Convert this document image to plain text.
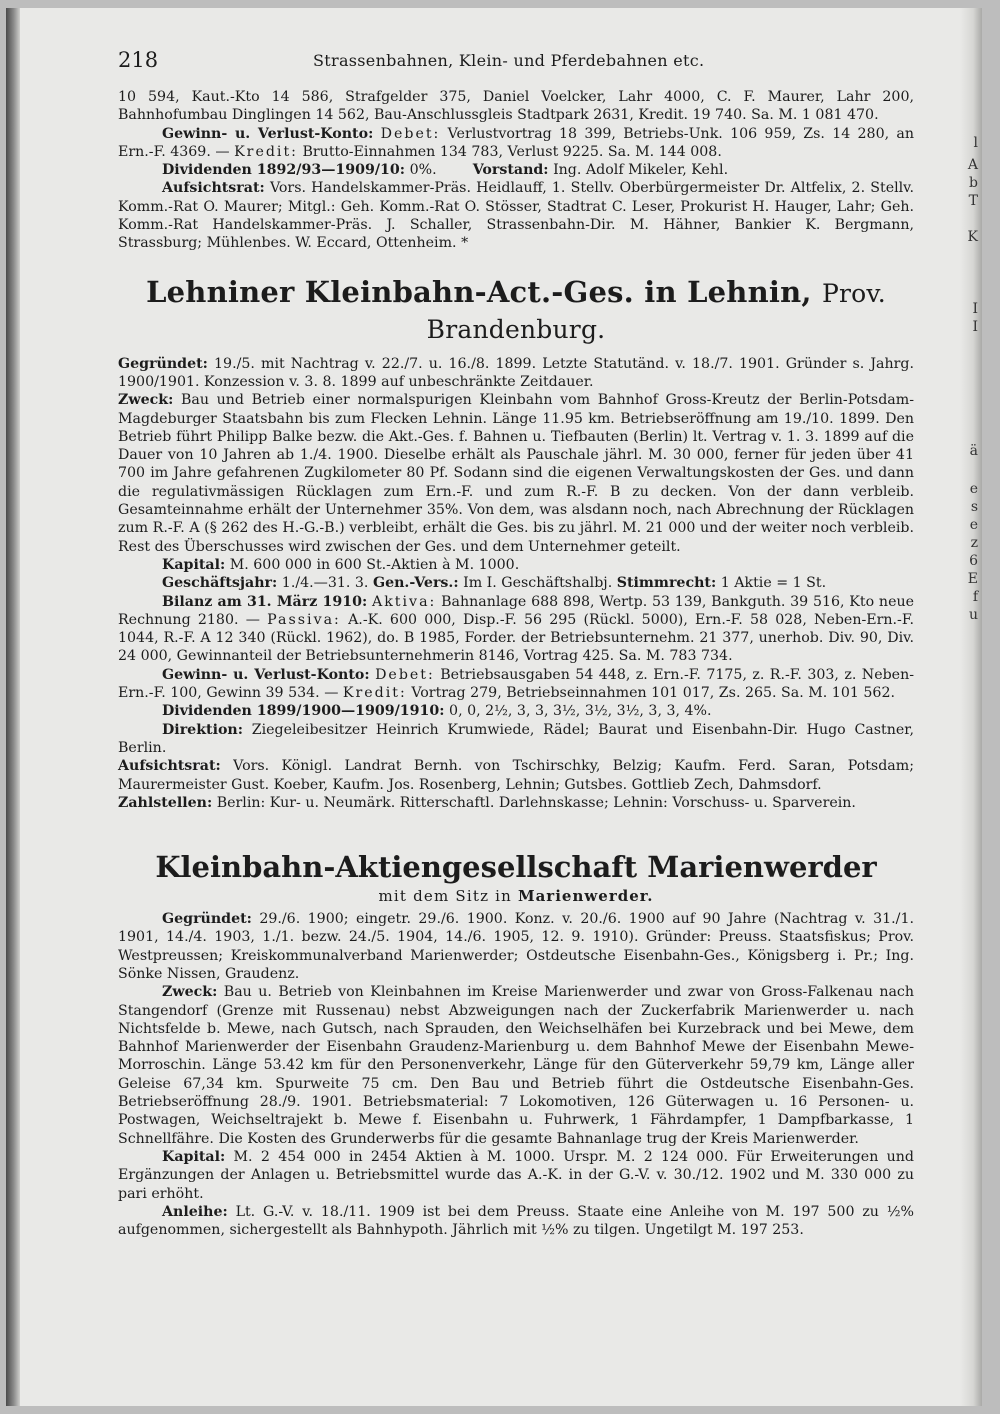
l
A
b
T
K
I
I
ä
e
s
e
z
6
E
f
u
218	Strassenbahnen, Klein- und Pferdebahnen etc.

10 594, Kaut.-Kto 14 586, Strafgelder 375, Daniel Voelcker, Lahr 4000, C. F. Maurer, Lahr 200, Bahnhofumbau Dinglingen 14 562, Bau-Anschlussgleis Stadtpark 2631, Kredit. 19 740. Sa. M. 1 081 470.

Gewinn- u. Verlust-Konto: Debet: Verlustvortrag 18 399, Betriebs-Unk. 106 959, Zs. 14 280, an Ern.-F. 4369. — Kredit: Brutto-Einnahmen 134 783, Verlust 9225. Sa. M. 144 008.

Dividenden 1892/93—1909/10: 0%.	Vorstand: Ing. Adolf Mikeler, Kehl.

Aufsichtsrat: Vors. Handelskammer-Präs. Heidlauff, 1. Stellv. Oberbürgermeister Dr. Altfelix, 2. Stellv. Komm.-Rat O. Maurer; Mitgl.: Geh. Komm.-Rat O. Stösser, Stadtrat C. Leser, Prokurist H. Hauger, Lahr; Geh. Komm.-Rat Handelskammer-Präs. J. Schaller, Strassenbahn-Dir. M. Hähner, Bankier K. Bergmann, Strassburg; Mühlenbes. W. Eccard, Ottenheim. *

Lehniner Kleinbahn-Act.-Ges. in Lehnin, Prov. Brandenburg.

Gegründet: 19./5. mit Nachtrag v. 22./7. u. 16./8. 1899. Letzte Statutänd. v. 18./7. 1901. Gründer s. Jahrg. 1900/1901. Konzession v. 3. 8. 1899 auf unbeschränkte Zeitdauer.

Zweck: Bau und Betrieb einer normalspurigen Kleinbahn vom Bahnhof Gross-Kreutz der Berlin-Potsdam-Magdeburger Staatsbahn bis zum Flecken Lehnin. Länge 11.95 km. Betriebseröffnung am 19./10. 1899. Den Betrieb führt Philipp Balke bezw. die Akt.-Ges. f. Bahnen u. Tiefbauten (Berlin) lt. Vertrag v. 1. 3. 1899 auf die Dauer von 10 Jahren ab 1./4. 1900. Dieselbe erhält als Pauschale jährl. M. 30 000, ferner für jeden über 41 700 im Jahre gefahrenen Zugkilometer 80 Pf. Sodann sind die eigenen Verwaltungskosten der Ges. und dann die regulativmässigen Rücklagen zum Ern.-F. und zum R.-F. B zu decken. Von der dann verbleib. Gesamteinnahme erhält der Unternehmer 35%. Von dem, was alsdann noch, nach Abrechnung der Rücklagen zum R.-F. A (§ 262 des H.-G.-B.) verbleibt, erhält die Ges. bis zu jährl. M. 21 000 und der weiter noch verbleib. Rest des Überschusses wird zwischen der Ges. und dem Unternehmer geteilt.

Kapital: M. 600 000 in 600 St.-Aktien à M. 1000.

Geschäftsjahr: 1./4.—31. 3. Gen.-Vers.: Im I. Geschäftshalbj. Stimmrecht: 1 Aktie = 1 St.

Bilanz am 31. März 1910: Aktiva: Bahnanlage 688 898, Wertp. 53 139, Bankguth. 39 516, Kto neue Rechnung 2180. — Passiva: A.-K. 600 000, Disp.-F. 56 295 (Rückl. 5000), Ern.-F. 58 028, Neben-Ern.-F. 1044, R.-F. A 12 340 (Rückl. 1962), do. B 1985, Forder. der Betriebsunternehm. 21 377, unerhob. Div. 90, Div. 24 000, Gewinnanteil der Betriebsunternehmerin 8146, Vortrag 425. Sa. M. 783 734.

Gewinn- u. Verlust-Konto: Debet: Betriebsausgaben 54 448, z. Ern.-F. 7175, z. R.-F. 303, z. Neben-Ern.-F. 100, Gewinn 39 534. — Kredit: Vortrag 279, Betriebseinnahmen 101 017, Zs. 265. Sa. M. 101 562.

Dividenden 1899/1900—1909/1910: 0, 0, 2½, 3, 3, 3½, 3½, 3½, 3, 3, 4%.

Direktion: Ziegeleibesitzer Heinrich Krumwiede, Rädel; Baurat und Eisenbahn-Dir. Hugo Castner, Berlin.

Aufsichtsrat: Vors. Königl. Landrat Bernh. von Tschirschky, Belzig; Kaufm. Ferd. Saran, Potsdam; Maurermeister Gust. Koeber, Kaufm. Jos. Rosenberg, Lehnin; Gutsbes. Gottlieb Zech, Dahmsdorf.

Zahlstellen: Berlin: Kur- u. Neumärk. Ritterschaftl. Darlehnskasse; Lehnin: Vorschuss- u. Sparverein.

Kleinbahn-Aktiengesellschaft Marienwerder
mit dem Sitz in Marienwerder.

Gegründet: 29./6. 1900; eingetr. 29./6. 1900. Konz. v. 20./6. 1900 auf 90 Jahre (Nachtrag v. 31./1. 1901, 14./4. 1903, 1./1. bezw. 24./5. 1904, 14./6. 1905, 12. 9. 1910). Gründer: Preuss. Staatsfiskus; Prov. Westpreussen; Kreiskommunalverband Marienwerder; Ostdeutsche Eisenbahn-Ges., Königsberg i. Pr.; Ing. Sönke Nissen, Graudenz.

Zweck: Bau u. Betrieb von Kleinbahnen im Kreise Marienwerder und zwar von Gross-Falkenau nach Stangendorf (Grenze mit Russenau) nebst Abzweigungen nach der Zuckerfabrik Marienwerder u. nach Nichtsfelde b. Mewe, nach Gutsch, nach Sprauden, den Weichselhäfen bei Kurzebrack und bei Mewe, dem Bahnhof Marienwerder der Eisenbahn Graudenz-Marienburg u. dem Bahnhof Mewe der Eisenbahn Mewe-Morroschin. Länge 53.42 km für den Personenverkehr, Länge für den Güterverkehr 59,79 km, Länge aller Geleise 67,34 km. Spurweite 75 cm. Den Bau und Betrieb führt die Ostdeutsche Eisenbahn-Ges. Betriebseröffnung 28./9. 1901. Betriebsmaterial: 7 Lokomotiven, 126 Güterwagen u. 16 Personen- u. Postwagen, Weichseltrajekt b. Mewe f. Eisenbahn u. Fuhrwerk, 1 Fährdampfer, 1 Dampfbarkasse, 1 Schnellfähre. Die Kosten des Grunderwerbs für die gesamte Bahnanlage trug der Kreis Marienwerder.

Kapital: M. 2 454 000 in 2454 Aktien à M. 1000. Urspr. M. 2 124 000. Für Erweiterungen und Ergänzungen der Anlagen u. Betriebsmittel wurde das A.-K. in der G.-V. v. 30./12. 1902 und M. 330 000 zu pari erhöht.

Anleihe: Lt. G.-V. v. 18./11. 1909 ist bei dem Preuss. Staate eine Anleihe von M. 197 500 zu ½% aufgenommen, sichergestellt als Bahnhypoth. Jährlich mit ½% zu tilgen. Ungetilgt M. 197 253.
